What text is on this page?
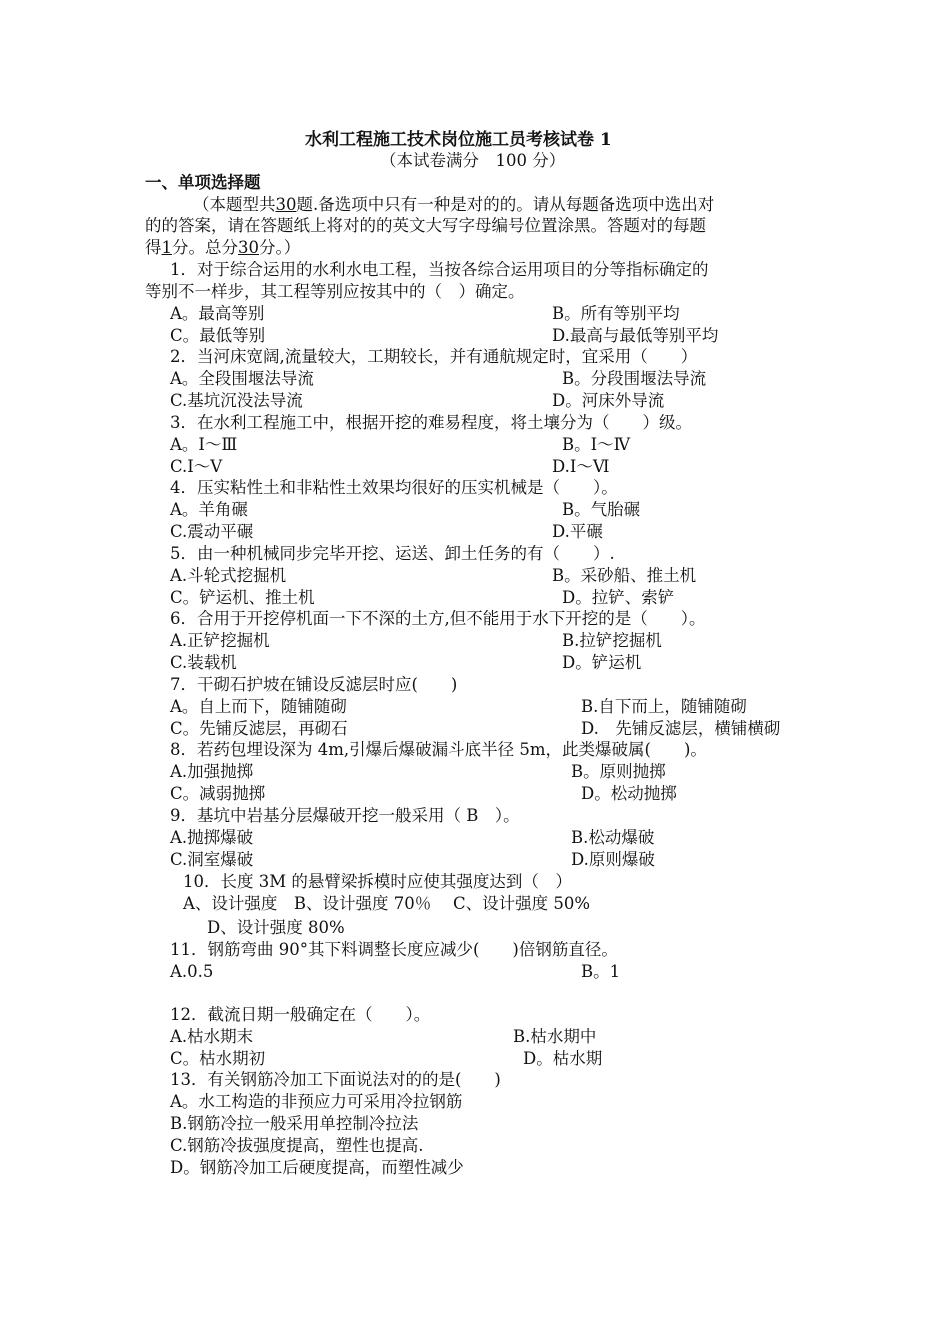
水利工程施工技术岗位施工员考核试卷 1
（本试卷满分　100 分）
一、单项选择题
（本题型共30题.备选项中只有一种是对的的。请从每题备选项中选出对
的的答案，请在答题纸上将对的的英文大写字母编号位置涂黑。答题对的每题
得1分。总分30分。）
1．对于综合运用的水利水电工程，当按各综合运用项目的分等指标确定的
等别不一样步，其工程等别应按其中的（　）确定。
A。最高等别	B。所有等别平均
C。最低等别	D.最高与最低等别平均
2．当河床宽阔,流量较大，工期较长，并有通航规定时，宜采用（　　）
A。全段围堰法导流	B。分段围堰法导流
C.基坑沉没法导流	D。河床外导流
3．在水利工程施工中，根据开挖的难易程度，将土壤分为（　　）级。
A。Ⅰ～Ⅲ	B。Ⅰ～Ⅳ
C.Ⅰ～Ⅴ	D.Ⅰ～Ⅵ
4．压实粘性土和非粘性土效果均很好的压实机械是（　　）。
A。羊角碾	B。气胎碾
C.震动平碾	D.平碾
5．由一种机械同步完毕开挖、运送、卸土任务的有（　　）.
A.斗轮式挖掘机	B。采砂船、推土机
C。铲运机、推土机	D。拉铲、索铲
6．合用于开挖停机面一下不深的土方,但不能用于水下开挖的是（　　）。
A.正铲挖掘机	B.拉铲挖掘机
C.装载机	D。铲运机
7．干砌石护坡在铺设反滤层时应(　　)
A。自上而下，随铺随砌	B.自下而上，随铺随砌
C。先铺反滤层，再砌石	D.　先铺反滤层，横铺横砌
8．若药包埋设深为 4m,引爆后爆破漏斗底半径 5m，此类爆破属(　　)。
A.加强抛掷	B。原则抛掷
C。减弱抛掷	D。松动抛掷
9．基坑中岩基分层爆破开挖一般采用（ B　）。
A.抛掷爆破	B.松动爆破
C.洞室爆破	D.原则爆破
10．长度 3M 的悬臂梁拆模时应使其强度达到（　）
A、设计强度　B、设计强度 70％　 C、设计强度 50%
D、设计强度 80%
11．钢筋弯曲 90°其下料调整长度应减少(　　)倍钢筋直径。
A.0.5	B。1
12．截流日期一般确定在（　　）。
A.枯水期末	B.枯水期中
C。枯水期初	D。枯水期
13．有关钢筋冷加工下面说法对的的是(　　)
A。水工构造的非预应力可采用冷拉钢筋
B.钢筋冷拉一般采用单控制冷拉法
C.钢筋冷拔强度提高，塑性也提高.
D。钢筋冷加工后硬度提高，而塑性减少
